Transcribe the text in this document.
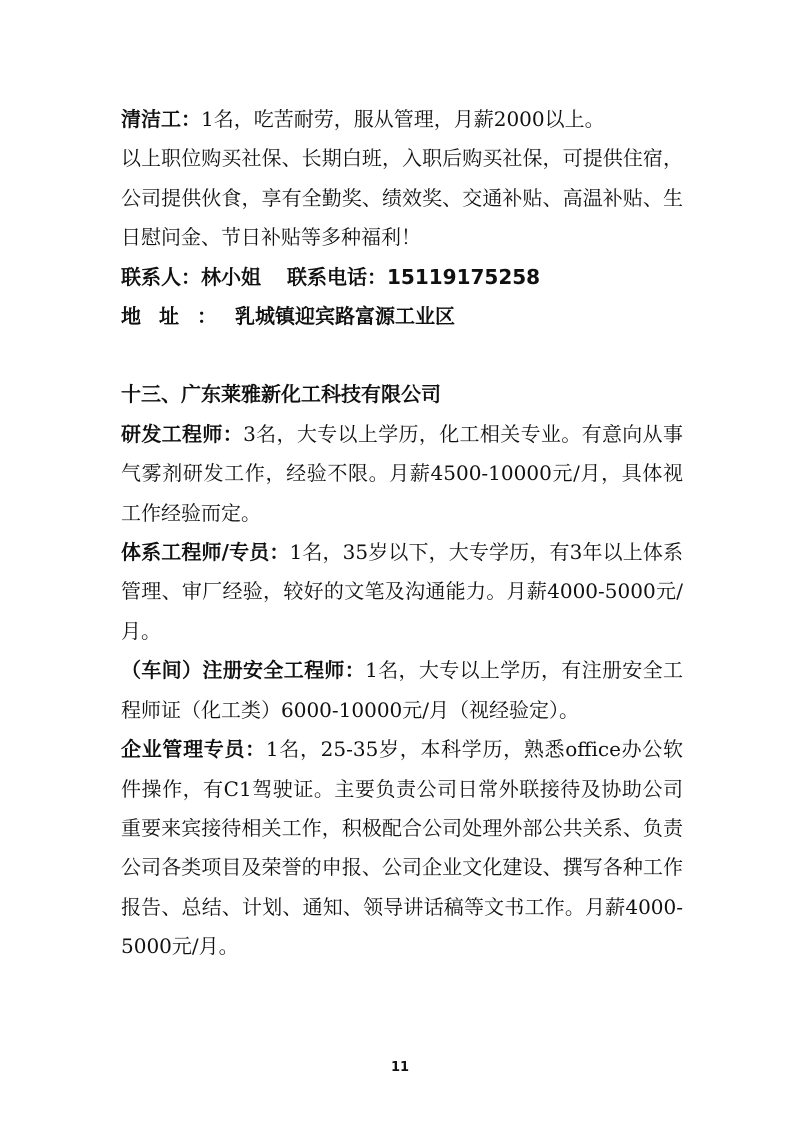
清洁工：1名，吃苦耐劳，服从管理，月薪2000以上。

以上职位购买社保、长期白班，入职后购买社保，可提供住宿，公司提供伙食，享有全勤奖、绩效奖、交通补贴、高温补贴、生日慰问金、节日补贴等多种福利！

联系人：林小姐 联系电话：15119175258

地址：乳城镇迎宾路富源工业区

十三、广东莱雅新化工科技有限公司

研发工程师：3名，大专以上学历，化工相关专业。有意向从事气雾剂研发工作，经验不限。月薪4500-10000元/月，具体视工作经验而定。

体系工程师/专员：1名，35岁以下，大专学历，有3年以上体系管理、审厂经验，较好的文笔及沟通能力。月薪4000-5000元/月。

（车间）注册安全工程师：1名，大专以上学历，有注册安全工程师证（化工类）6000-10000元/月（视经验定）。

企业管理专员：1名，25-35岁，本科学历，熟悉office办公软件操作，有C1驾驶证。主要负责公司日常外联接待及协助公司重要来宾接待相关工作，积极配合公司处理外部公共关系、负责公司各类项目及荣誉的申报、公司企业文化建设、撰写各种工作报告、总结、计划、通知、领导讲话稿等文书工作。月薪4000-5000元/月。

11
